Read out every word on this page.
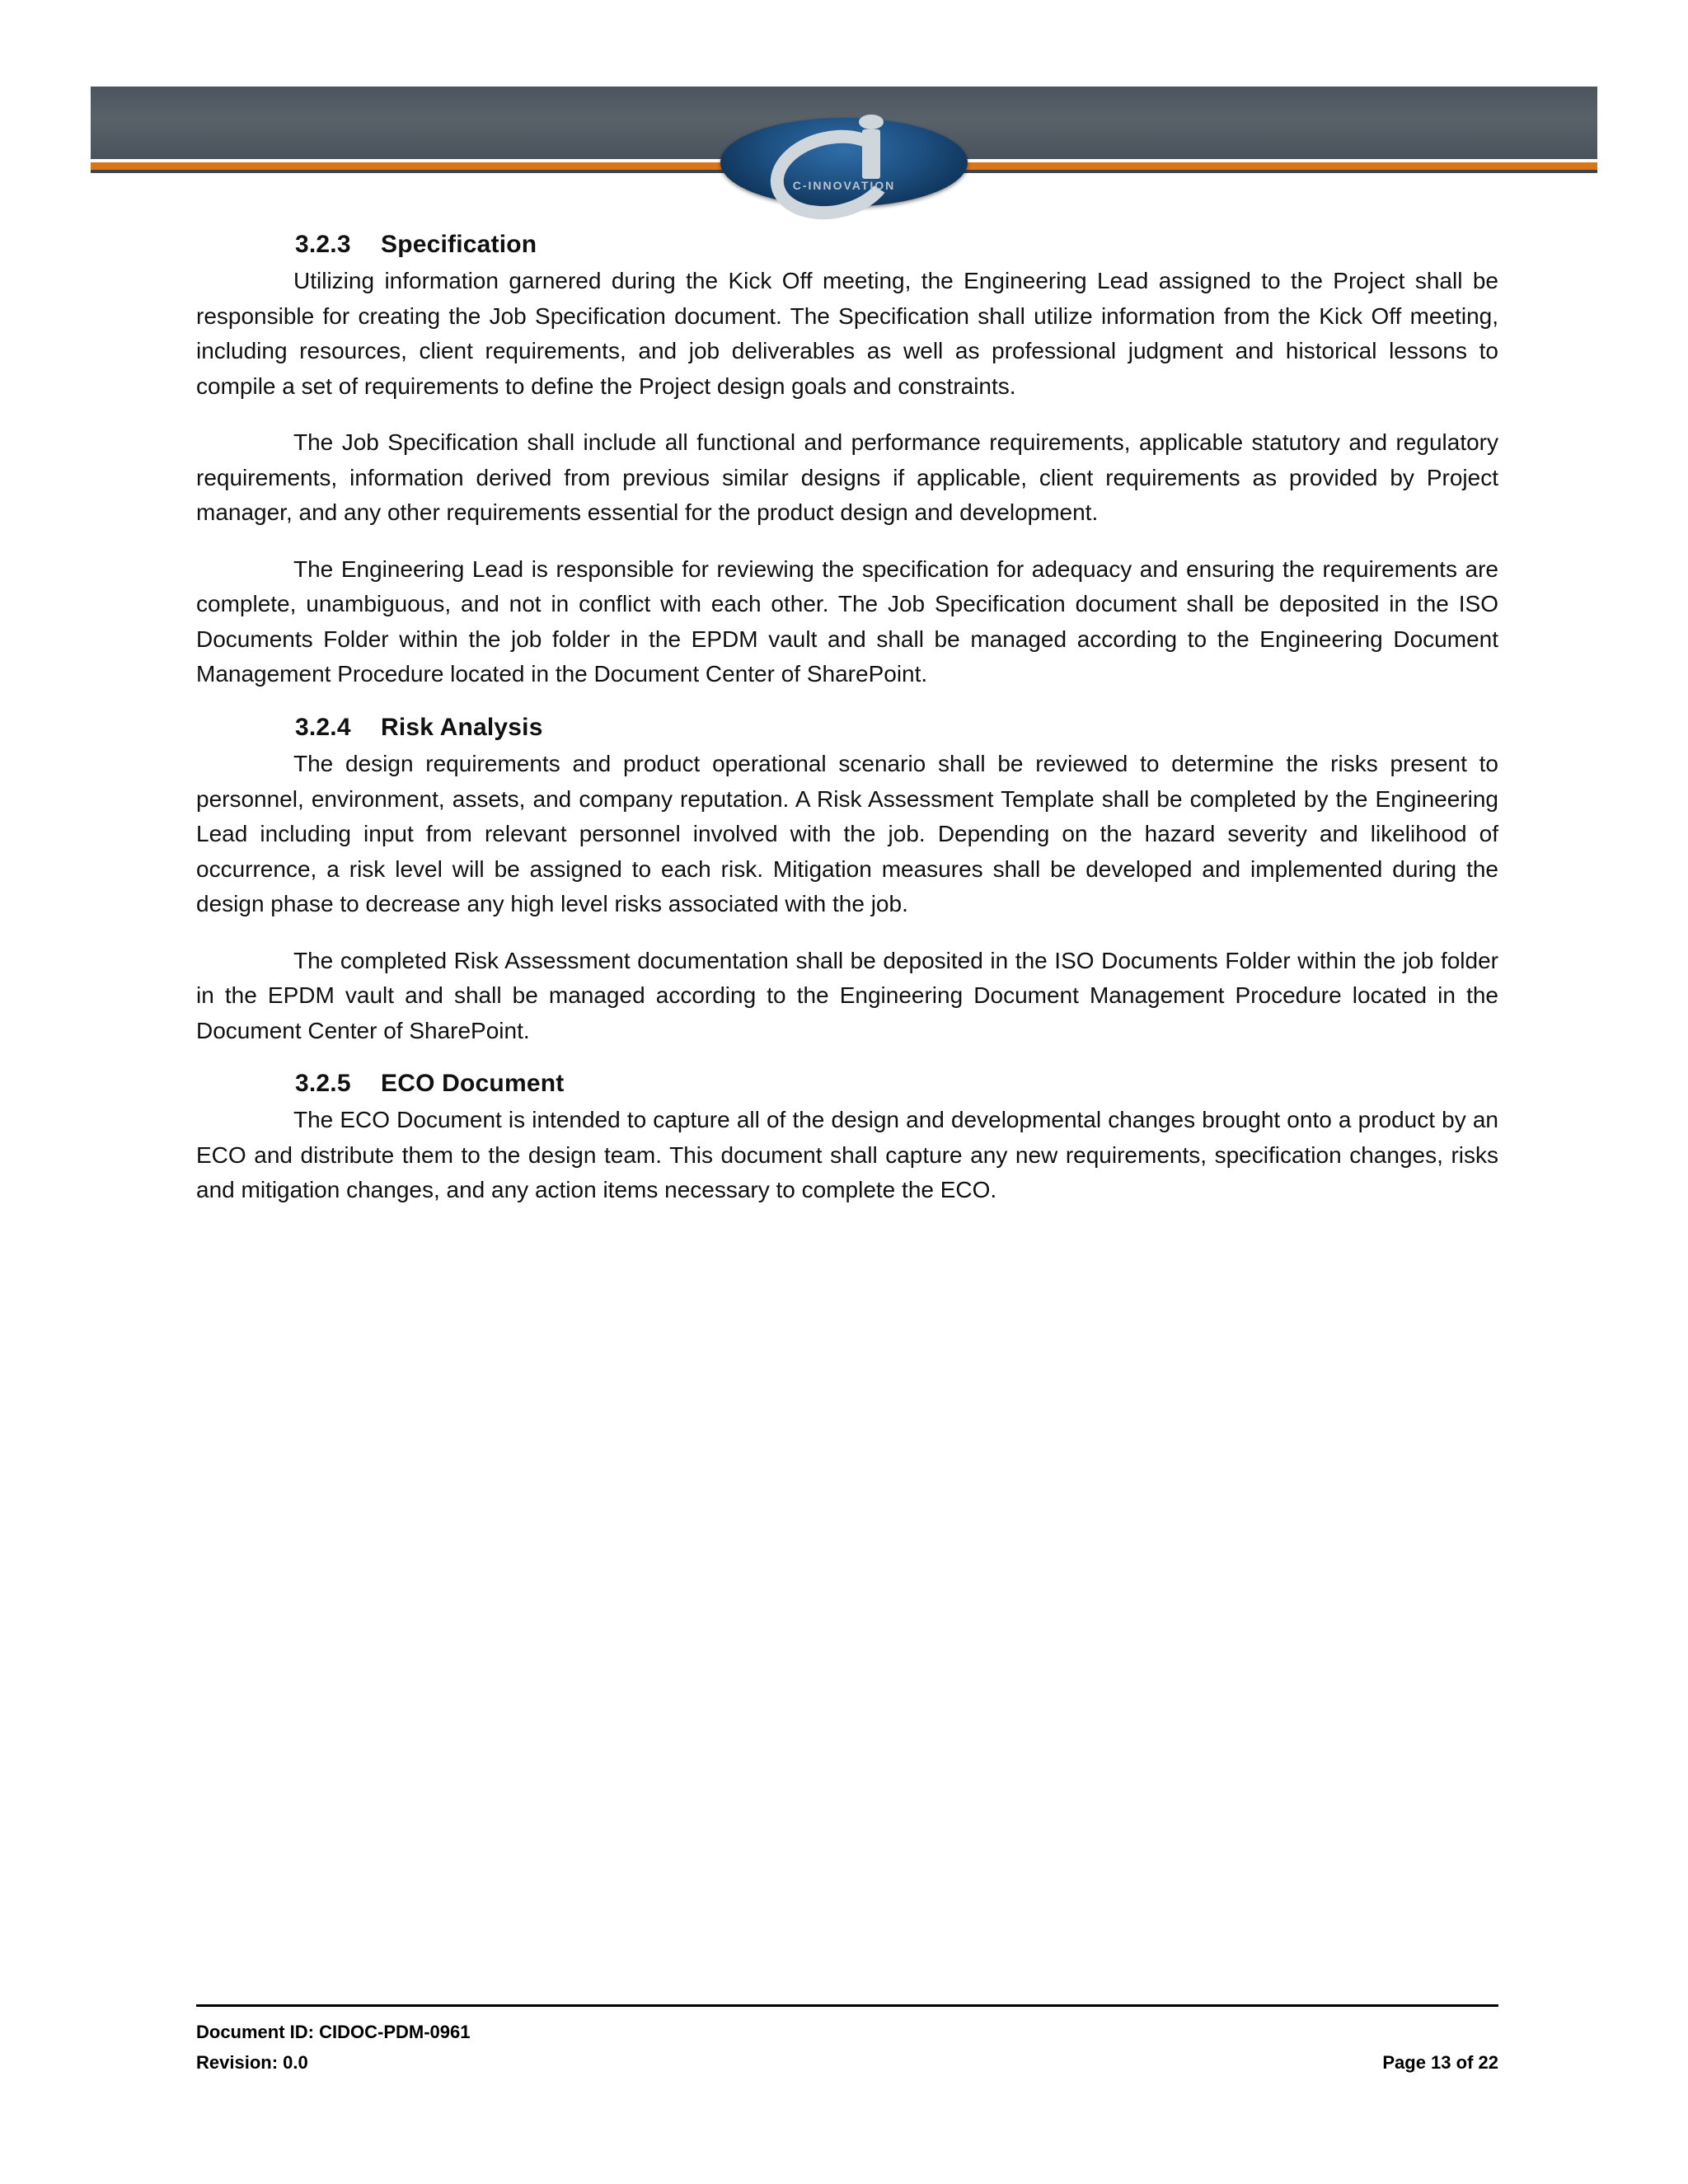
C-INNOVATION
3.2.3 Specification

Utilizing information garnered during the Kick Off meeting, the Engineering Lead assigned to the Project shall be responsible for creating the Job Specification document. The Specification shall utilize information from the Kick Off meeting, including resources, client requirements, and job deliverables as well as professional judgment and historical lessons to compile a set of requirements to define the Project design goals and constraints.

The Job Specification shall include all functional and performance requirements, applicable statutory and regulatory requirements, information derived from previous similar designs if applicable, client requirements as provided by Project manager, and any other requirements essential for the product design and development.

The Engineering Lead is responsible for reviewing the specification for adequacy and ensuring the requirements are complete, unambiguous, and not in conflict with each other. The Job Specification document shall be deposited in the ISO Documents Folder within the job folder in the EPDM vault and shall be managed according to the Engineering Document Management Procedure located in the Document Center of SharePoint.

3.2.4 Risk Analysis

The design requirements and product operational scenario shall be reviewed to determine the risks present to personnel, environment, assets, and company reputation. A Risk Assessment Template shall be completed by the Engineering Lead including input from relevant personnel involved with the job. Depending on the hazard severity and likelihood of occurrence, a risk level will be assigned to each risk. Mitigation measures shall be developed and implemented during the design phase to decrease any high level risks associated with the job.

The completed Risk Assessment documentation shall be deposited in the ISO Documents Folder within the job folder in the EPDM vault and shall be managed according to the Engineering Document Management Procedure located in the Document Center of SharePoint.

3.2.5 ECO Document

The ECO Document is intended to capture all of the design and developmental changes brought onto a product by an ECO and distribute them to the design team. This document shall capture any new requirements, specification changes, risks and mitigation changes, and any action items necessary to complete the ECO.

Document ID: CIDOC-PDM-0961
Revision: 0.0	Page 13 of 22
